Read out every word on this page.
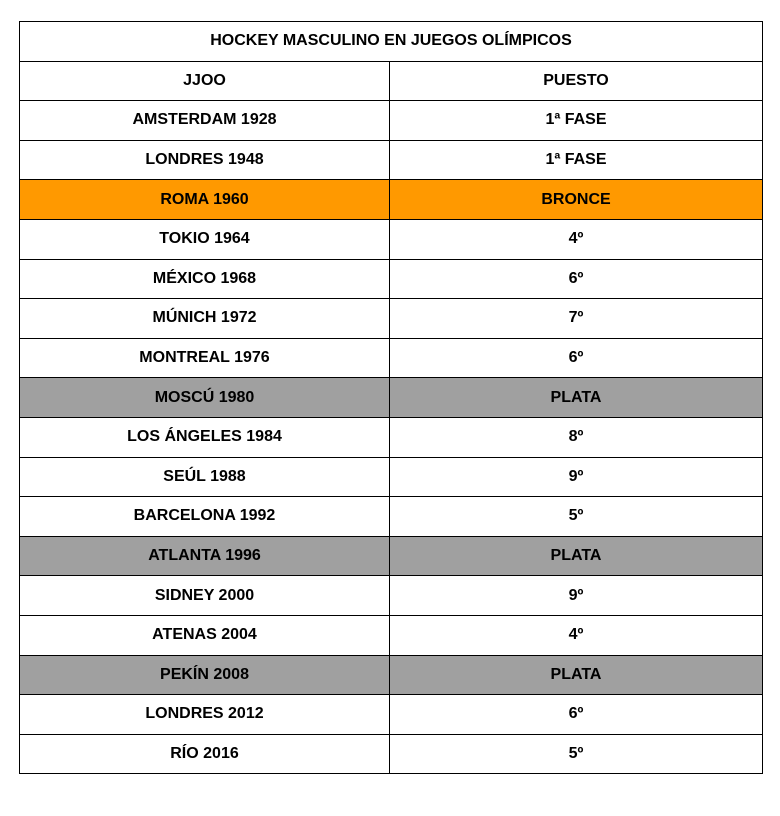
HOCKEY MASCULINO EN JUEGOS OLÍMPICOS	
JJOO	PUESTO
AMSTERDAM 1928	1ª FASE
LONDRES 1948	1ª FASE
ROMA 1960	BRONCE
TOKIO 1964	4º
MÉXICO 1968	6º
MÚNICH 1972	7º
MONTREAL 1976	6º
MOSCÚ 1980	PLATA
LOS ÁNGELES 1984	8º
SEÚL 1988	9º
BARCELONA 1992	5º
ATLANTA 1996	PLATA
SIDNEY 2000	9º
ATENAS 2004	4º
PEKÍN 2008	PLATA
LONDRES 2012	6º
RÍO 2016	5º
